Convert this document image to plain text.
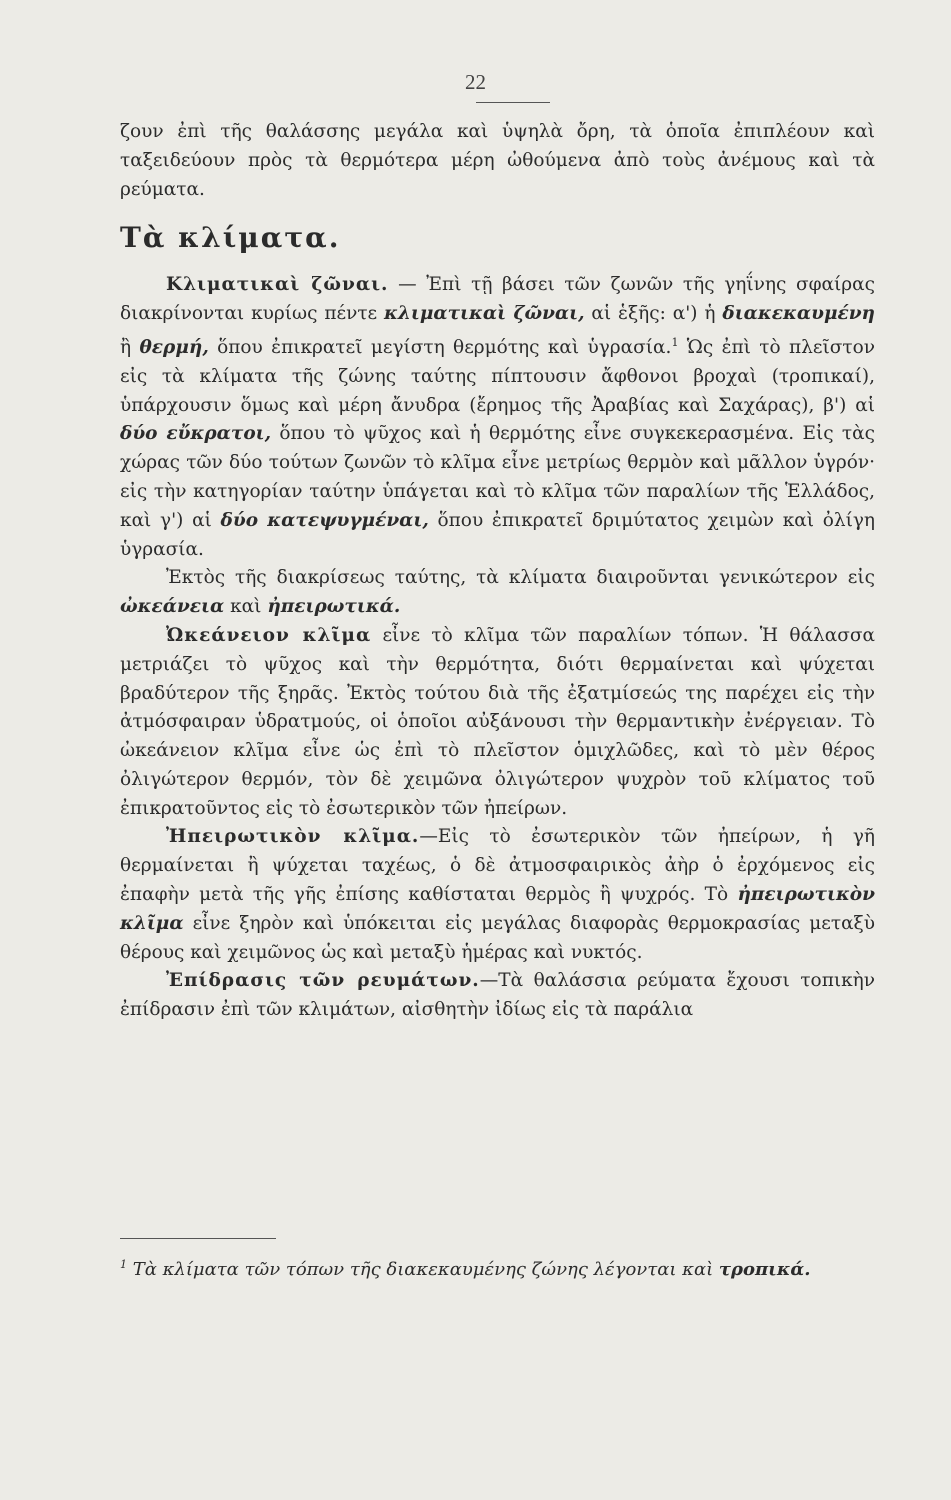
22

ζουν ἐπὶ τῆς θαλάσσης μεγάλα καὶ ὑψηλὰ ὄρη, τὰ ὁποῖα ἐπιπλέουν καὶ ταξειδεύουν πρὸς τὰ θερμότερα μέρη ὠθούμενα ἀπὸ τοὺς ἀνέμους καὶ τὰ ρεύματα.

Τὰ κλίματα.

Κλιματικαὶ ζῶναι. — Ἐπὶ τῇ βάσει τῶν ζωνῶν τῆς γηΐνης σφαίρας διακρίνονται κυρίως πέντε κλιματικαὶ ζῶναι, αἱ ἑξῆς: α') ἡ διακεκαυμένη ἢ θερμή, ὅπου ἐπικρατεῖ μεγίστη θερμότης καὶ ὑγρασία.$^1$ Ὡς ἐπὶ τὸ πλεῖστον εἰς τὰ κλίματα τῆς ζώνης ταύτης πίπτουσιν ἄφθονοι βροχαὶ (τροπικαί), ὑπάρχουσιν ὅμως καὶ μέρη ἄνυδρα (ἔρημος τῆς Ἀραβίας καὶ Σαχάρας), β') αἱ δύο εὔκρατοι, ὅπου τὸ ψῦχος καὶ ἡ θερμότης εἶνε συγκεκερασμένα. Εἰς τὰς χώρας τῶν δύο τούτων ζωνῶν τὸ κλῖμα εἶνε μετρίως θερμὸν καὶ μᾶλλον ὑγρόν· εἰς τὴν κατηγορίαν ταύτην ὑπάγεται καὶ τὸ κλῖμα τῶν παραλίων τῆς Ἑλλάδος, καὶ γ') αἱ δύο κατεψυγμέναι, ὅπου ἐπικρατεῖ δριμύτατος χειμὼν καὶ ὀλίγη ὑγρασία.

Ἐκτὸς τῆς διακρίσεως ταύτης, τὰ κλίματα διαιροῦνται γενικώτερον εἰς ὠκεάνεια καὶ ἠπειρωτικά.

Ὠκεάνειον κλῖμα εἶνε τὸ κλῖμα τῶν παραλίων τόπων. Ἡ θάλασσα μετριάζει τὸ ψῦχος καὶ τὴν θερμότητα, διότι θερμαίνεται καὶ ψύχεται βραδύτερον τῆς ξηρᾶς. Ἐκτὸς τούτου διὰ τῆς ἐξατμίσεώς της παρέχει εἰς τὴν ἀτμόσφαιραν ὑδρατμούς, οἱ ὁποῖοι αὐξάνουσι τὴν θερμαντικὴν ἐνέργειαν. Τὸ ὠκεάνειον κλῖμα εἶνε ὡς ἐπὶ τὸ πλεῖστον ὁμιχλῶδες, καὶ τὸ μὲν θέρος ὀλιγώτερον θερμόν, τὸν δὲ χειμῶνα ὀλιγώτερον ψυχρὸν τοῦ κλίματος τοῦ ἐπικρατοῦντος εἰς τὸ ἐσωτερικὸν τῶν ἠπείρων.

Ἠπειρωτικὸν κλῖμα.—Εἰς τὸ ἐσωτερικὸν τῶν ἠπείρων, ἡ γῆ θερμαίνεται ἢ ψύχεται ταχέως, ὁ δὲ ἀτμοσφαιρικὸς ἀὴρ ὁ ἐρχόμενος εἰς ἐπαφὴν μετὰ τῆς γῆς ἐπίσης καθίσταται θερμὸς ἢ ψυχρός. Τὸ ἠπειρωτικὸν κλῖμα εἶνε ξηρὸν καὶ ὑπόκειται εἰς μεγάλας διαφορὰς θερμοκρασίας μεταξὺ θέρους καὶ χειμῶνος ὡς καὶ μεταξὺ ἡμέρας καὶ νυκτός.

Ἐπίδρασις τῶν ρευμάτων.—Τὰ θαλάσσια ρεύματα ἔχουσι τοπικὴν ἐπίδρασιν ἐπὶ τῶν κλιμάτων, αἰσθητὴν ἰδίως εἰς τὰ παράλια

$^1$ Τὰ κλίματα τῶν τόπων τῆς διακεκαυμένης ζώνης λέγονται καὶ τροπικά.
